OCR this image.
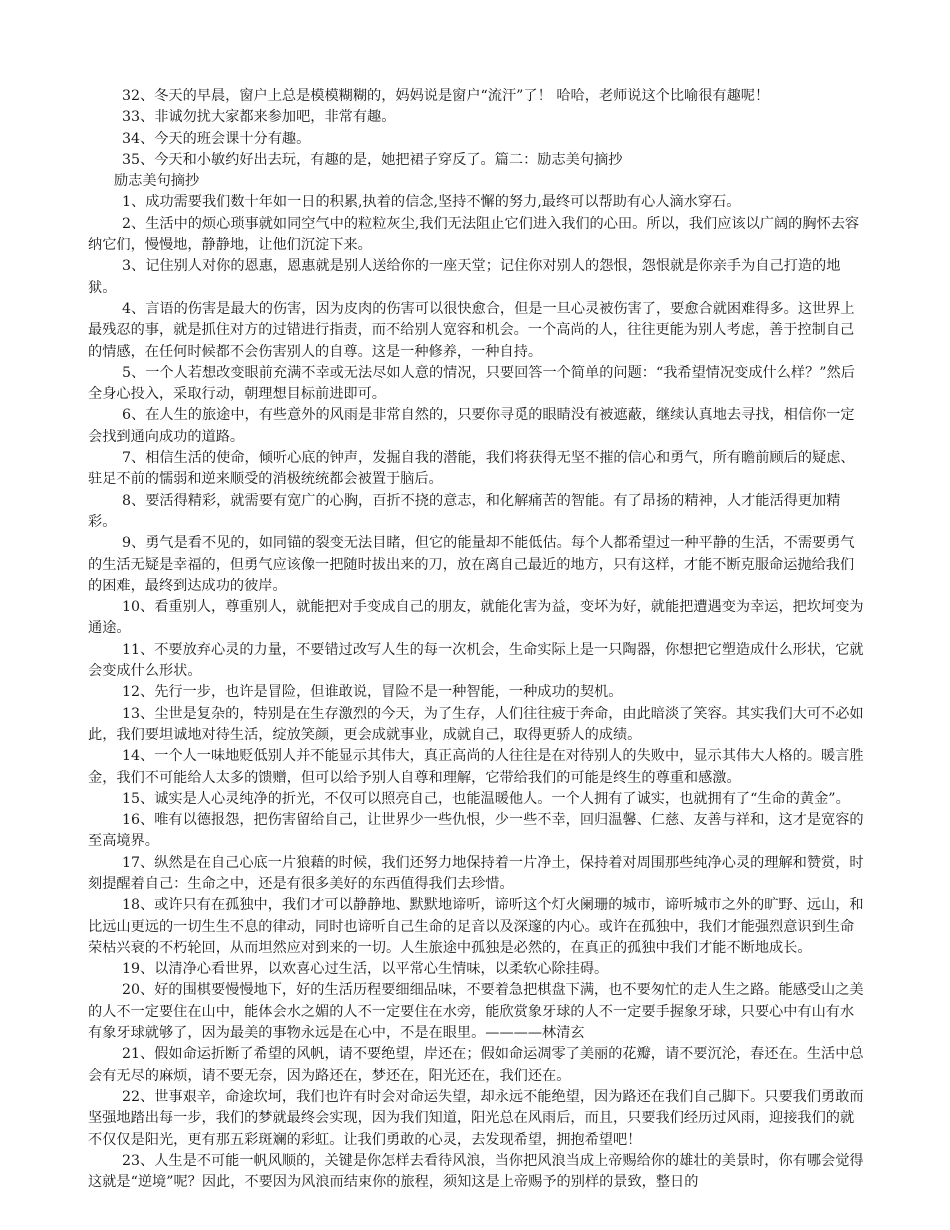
32、冬天的早晨，窗户上总是模模糊糊的，妈妈说是窗户“流汗”了！ 哈哈，老师说这个比喻很有趣呢！

33、非诚勿扰大家都来参加吧，非常有趣。

34、今天的班会课十分有趣。

35、今天和小敏约好出去玩，有趣的是，她把裙子穿反了。篇二：励志美句摘抄

励志美句摘抄

1、成功需要我们数十年如一日的积累,执着的信念,坚持不懈的努力,最终可以帮助有心人滴水穿石。

2、生活中的烦心琐事就如同空气中的粒粒灰尘,我们无法阻止它们进入我们的心田。所以，我们应该以广阔的胸怀去容纳它们，慢慢地，静静地，让他们沉淀下来。

3、记住别人对你的恩惠，恩惠就是别人送给你的一座天堂；记住你对别人的怨恨，怨恨就是你亲手为自己打造的地狱。

4、言语的伤害是最大的伤害，因为皮肉的伤害可以很快愈合，但是一旦心灵被伤害了，要愈合就困难得多。这世界上最残忍的事，就是抓住对方的过错进行指责，而不给别人宽容和机会。一个高尚的人，往往更能为别人考虑，善于控制自己的情感，在任何时候都不会伤害别人的自尊。这是一种修养，一种自持。

5、一个人若想改变眼前充满不幸或无法尽如人意的情况，只要回答一个简单的问题：“我希望情况变成什么样？”然后全身心投入，采取行动，朝理想目标前进即可。

6、在人生的旅途中，有些意外的风雨是非常自然的，只要你寻觅的眼睛没有被遮蔽，继续认真地去寻找，相信你一定会找到通向成功的道路。

7、相信生活的使命，倾听心底的钟声，发掘自我的潜能，我们将获得无坚不摧的信心和勇气，所有瞻前顾后的疑虑、驻足不前的懦弱和逆来顺受的消极统统都会被置于脑后。

8、要活得精彩，就需要有宽广的心胸，百折不挠的意志，和化解痛苦的智能。有了昂扬的精神，人才能活得更加精彩。

9、勇气是看不见的，如同锚的裂变无法目睹，但它的能量却不能低估。每个人都希望过一种平静的生活，不需要勇气的生活无疑是幸福的，但勇气应该像一把随时拔出来的刀，放在离自己最近的地方，只有这样，才能不断克服命运抛给我们的困难，最终到达成功的彼岸。

10、看重别人，尊重别人，就能把对手变成自己的朋友，就能化害为益，变坏为好，就能把遭遇变为幸运，把坎坷变为通途。

11、不要放弃心灵的力量，不要错过改写人生的每一次机会，生命实际上是一只陶器，你想把它塑造成什么形状，它就会变成什么形状。

12、先行一步，也许是冒险，但谁敢说，冒险不是一种智能，一种成功的契机。

13、尘世是复杂的，特别是在生存激烈的今天，为了生存，人们往往疲于奔命，由此暗淡了笑容。其实我们大可不必如此，我们要坦诚地对待生活，绽放笑颜，更会成就事业，成就自己，取得更骄人的成绩。

14、一个人一味地贬低别人并不能显示其伟大，真正高尚的人往往是在对待别人的失败中，显示其伟大人格的。暖言胜金，我们不可能给人太多的馈赠，但可以给予别人自尊和理解，它带给我们的可能是终生的尊重和感激。

15、诚实是人心灵纯净的折光，不仅可以照亮自己，也能温暖他人。一个人拥有了诚实，也就拥有了“生命的黄金”。

16、唯有以德报怨，把伤害留给自己，让世界少一些仇恨，少一些不幸，回归温馨、仁慈、友善与祥和，这才是宽容的至高境界。

17、纵然是在自己心底一片狼藉的时候，我们还努力地保持着一片净土，保持着对周围那些纯净心灵的理解和赞赏，时刻提醒着自己：生命之中，还是有很多美好的东西值得我们去珍惜。

18、或许只有在孤独中，我们才可以静静地、默默地谛听，谛听这个灯火阑珊的城市，谛听城市之外的旷野、远山，和比远山更远的一切生生不息的律动，同时也谛听自己生命的足音以及深邃的内心。或许在孤独中，我们才能强烈意识到生命荣枯兴衰的不朽轮回，从而坦然应对到来的一切。人生旅途中孤独是必然的，在真正的孤独中我们才能不断地成长。

19、以清净心看世界，以欢喜心过生活，以平常心生情味，以柔软心除挂碍。

20、好的围棋要慢慢地下，好的生活历程要细细品味，不要着急把棋盘下满，也不要匆忙的走人生之路。能感受山之美的人不一定要住在山中，能体会水之媚的人不一定要住在水旁，能欣赏象牙球的人不一定要手握象牙球，只要心中有山有水有象牙球就够了，因为最美的事物永远是在心中，不是在眼里。————林清玄

21、假如命运折断了希望的风帆，请不要绝望，岸还在；假如命运凋零了美丽的花瓣，请不要沉沦，春还在。生活中总会有无尽的麻烦，请不要无奈，因为路还在，梦还在，阳光还在，我们还在。

22、世事艰辛，命途坎坷，我们也许有时会对命运失望，却永远不能绝望，因为路还在我们自己脚下。只要我们勇敢而坚强地踏出每一步，我们的梦就最终会实现，因为我们知道，阳光总在风雨后，而且，只要我们经历过风雨，迎接我们的就不仅仅是阳光，更有那五彩斑斓的彩虹。让我们勇敢的心灵，去发现希望，拥抱希望吧！

23、人生是不可能一帆风顺的，关键是你怎样去看待风浪，当你把风浪当成上帝赐给你的雄壮的美景时，你有哪会觉得这就是“逆境”呢？因此，不要因为风浪而结束你的旅程，须知这是上帝赐予的别样的景致，整日的
